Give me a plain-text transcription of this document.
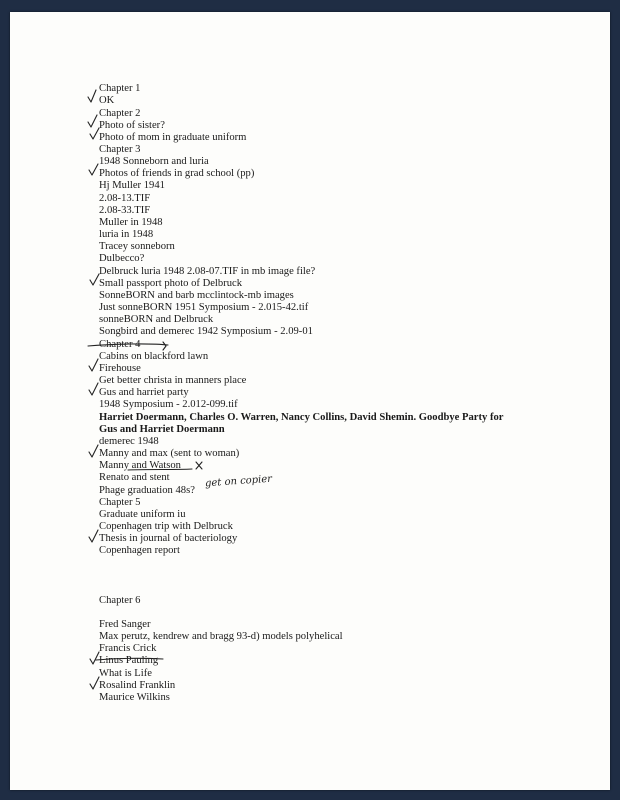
Chapter 1
OK
Chapter 2
Photo of sister?
Photo of mom in graduate uniform
Chapter 3
1948 Sonneborn and luria
Photos of friends in grad school (pp)
Hj Muller 1941
2.08-13.TIF
2.08-33.TIF
Muller in 1948
luria in 1948
Tracey sonneborn
Dulbecco?
Delbruck luria 1948 2.08-07.TIF in mb image file?
Small passport photo of Delbruck
SonneBORN and barb mcclintock-mb images
Just sonneBORN 1951 Symposium - 2.015-42.tif
sonneBORN and Delbruck
Songbird and demerec 1942 Symposium - 2.09-01
Chapter 4
Cabins on blackford lawn
Firehouse
Get better christa in manners place
Gus and harriet party
1948 Symposium - 2.012-099.tif
Harriet Doermann, Charles O. Warren, Nancy Collins, David Shemin. Goodbye Party for
Gus and Harriet Doermann
demerec 1948
Manny and max (sent to woman)
Manny and Watson
Renato and stent
Phage graduation 48s?
Chapter 5
Graduate uniform iu
Copenhagen trip with Delbruck
Thesis in journal of bacteriology
Copenhagen report
Chapter 6
Fred Sanger
Max perutz, kendrew and bragg 93-d) models polyhelical
Francis Crick
Linus Pauling
What is Life
Rosalind Franklin
Maurice Wilkins
get on copier
